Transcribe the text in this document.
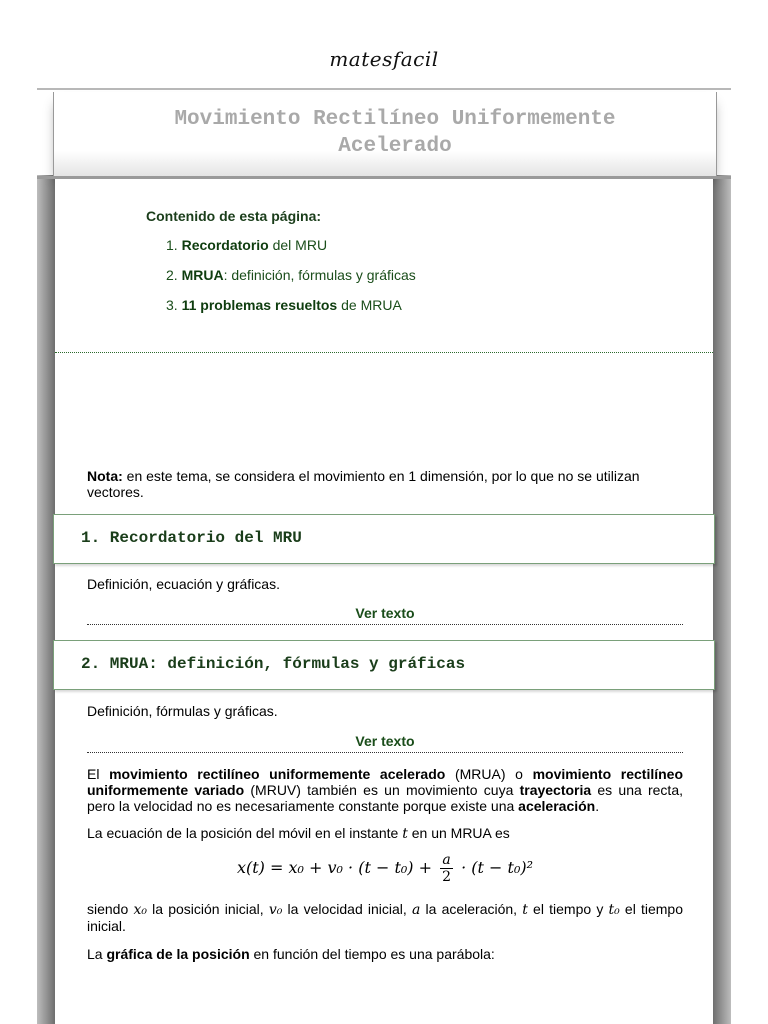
matesfacil
Movimiento Rectilíneo Uniformemente Acelerado
Contenido de esta página:
1. Recordatorio del MRU
2. MRUA: definición, fórmulas y gráficas
3. 11 problemas resueltos de MRUA
Nota: en este tema, se considera el movimiento en 1 dimensión, por lo que no se utilizan vectores.
1. Recordatorio del MRU
Definición, ecuación y gráficas.
Ver texto
2. MRUA: definición, fórmulas y gráficas
Definición, fórmulas y gráficas.
Ver texto
El movimiento rectilíneo uniformemente acelerado (MRUA) o movimiento rectilíneo uniformemente variado (MRUV) también es un movimiento cuya trayectoria es una recta, pero la velocidad no es necesariamente constante porque existe una aceleración.
La ecuación de la posición del móvil en el instante t en un MRUA es
$x(t) = x_0 + v_0 \cdot (t - t_0) + \frac{a}{2} \cdot (t - t_0)^2$
siendo x₀ la posición inicial, v₀ la velocidad inicial, a la aceleración, t el tiempo y t₀ el tiempo inicial.
La gráfica de la posición en función del tiempo es una parábola:
